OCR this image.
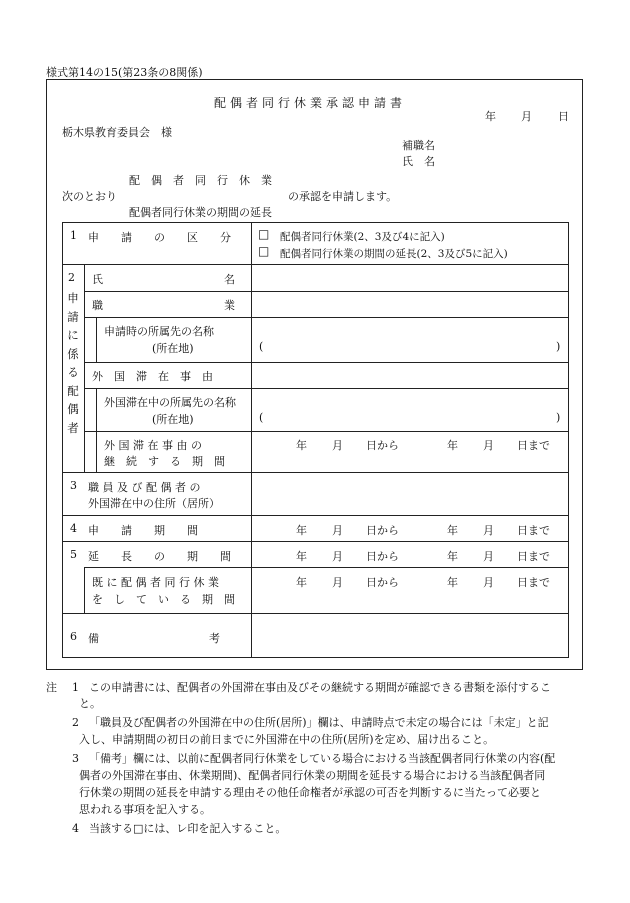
様式第14の15(第23条の8関係)
配偶者同行休業承認申請書
年 月 日
栃木県教育委員会　様
補職名
氏　名
配　偶　者　同　行　休　業
次のとおり	の承認を申請します。
配偶者同行休業の期間の延長
1 申　　請　　の　　区　　分	□ 配偶者同行休業(2、3及び4に記入)
□ 配偶者同行休業の期間の延長(2、3及び5に記入)
2
申
請
に
係
る
配
偶
者
氏　　　　　　　　　　　名
職　　　　　　　　　　　業
申請時の所属先の名称
(所在地)	(	)
外　国　滞　在　事　由
外国滞在中の所属先の名称
(所在地)	(	)
外 国 滞 在 事 由 の
継　続　す　る　期　間
年 月 日から	年 月 日まで
3 職 員 及 び 配 偶 者 の
外国滞在中の住所（居所）
4 申　　請　　期　　間	年 月 日から	年 月 日まで
5 延　　長　　の　　期　　間	年 月 日から	年 月 日まで
既 に 配 偶 者 同 行 休 業
を　し　て　い　る　期　間
年 月 日から	年 月 日まで
6 備　　　　　　　　　　考
注 1 この申請書には、配偶者の外国滞在事由及びその継続する期間が確認できる書類を添付するこ
と。
2 「職員及び配偶者の外国滞在中の住所(居所)」欄は、申請時点で未定の場合には「未定」と記
入し、申請期間の初日の前日までに外国滞在中の住所(居所)を定め、届け出ること。
3 「備考」欄には、以前に配偶者同行休業をしている場合における当該配偶者同行休業の内容(配
偶者の外国滞在事由、休業期間)、配偶者同行休業の期間を延長する場合における当該配偶者同
行休業の期間の延長を申請する理由その他任命権者が承認の可否を判断するに当たって必要と
思われる事項を記入する。
4 当該する□には、レ印を記入すること。
